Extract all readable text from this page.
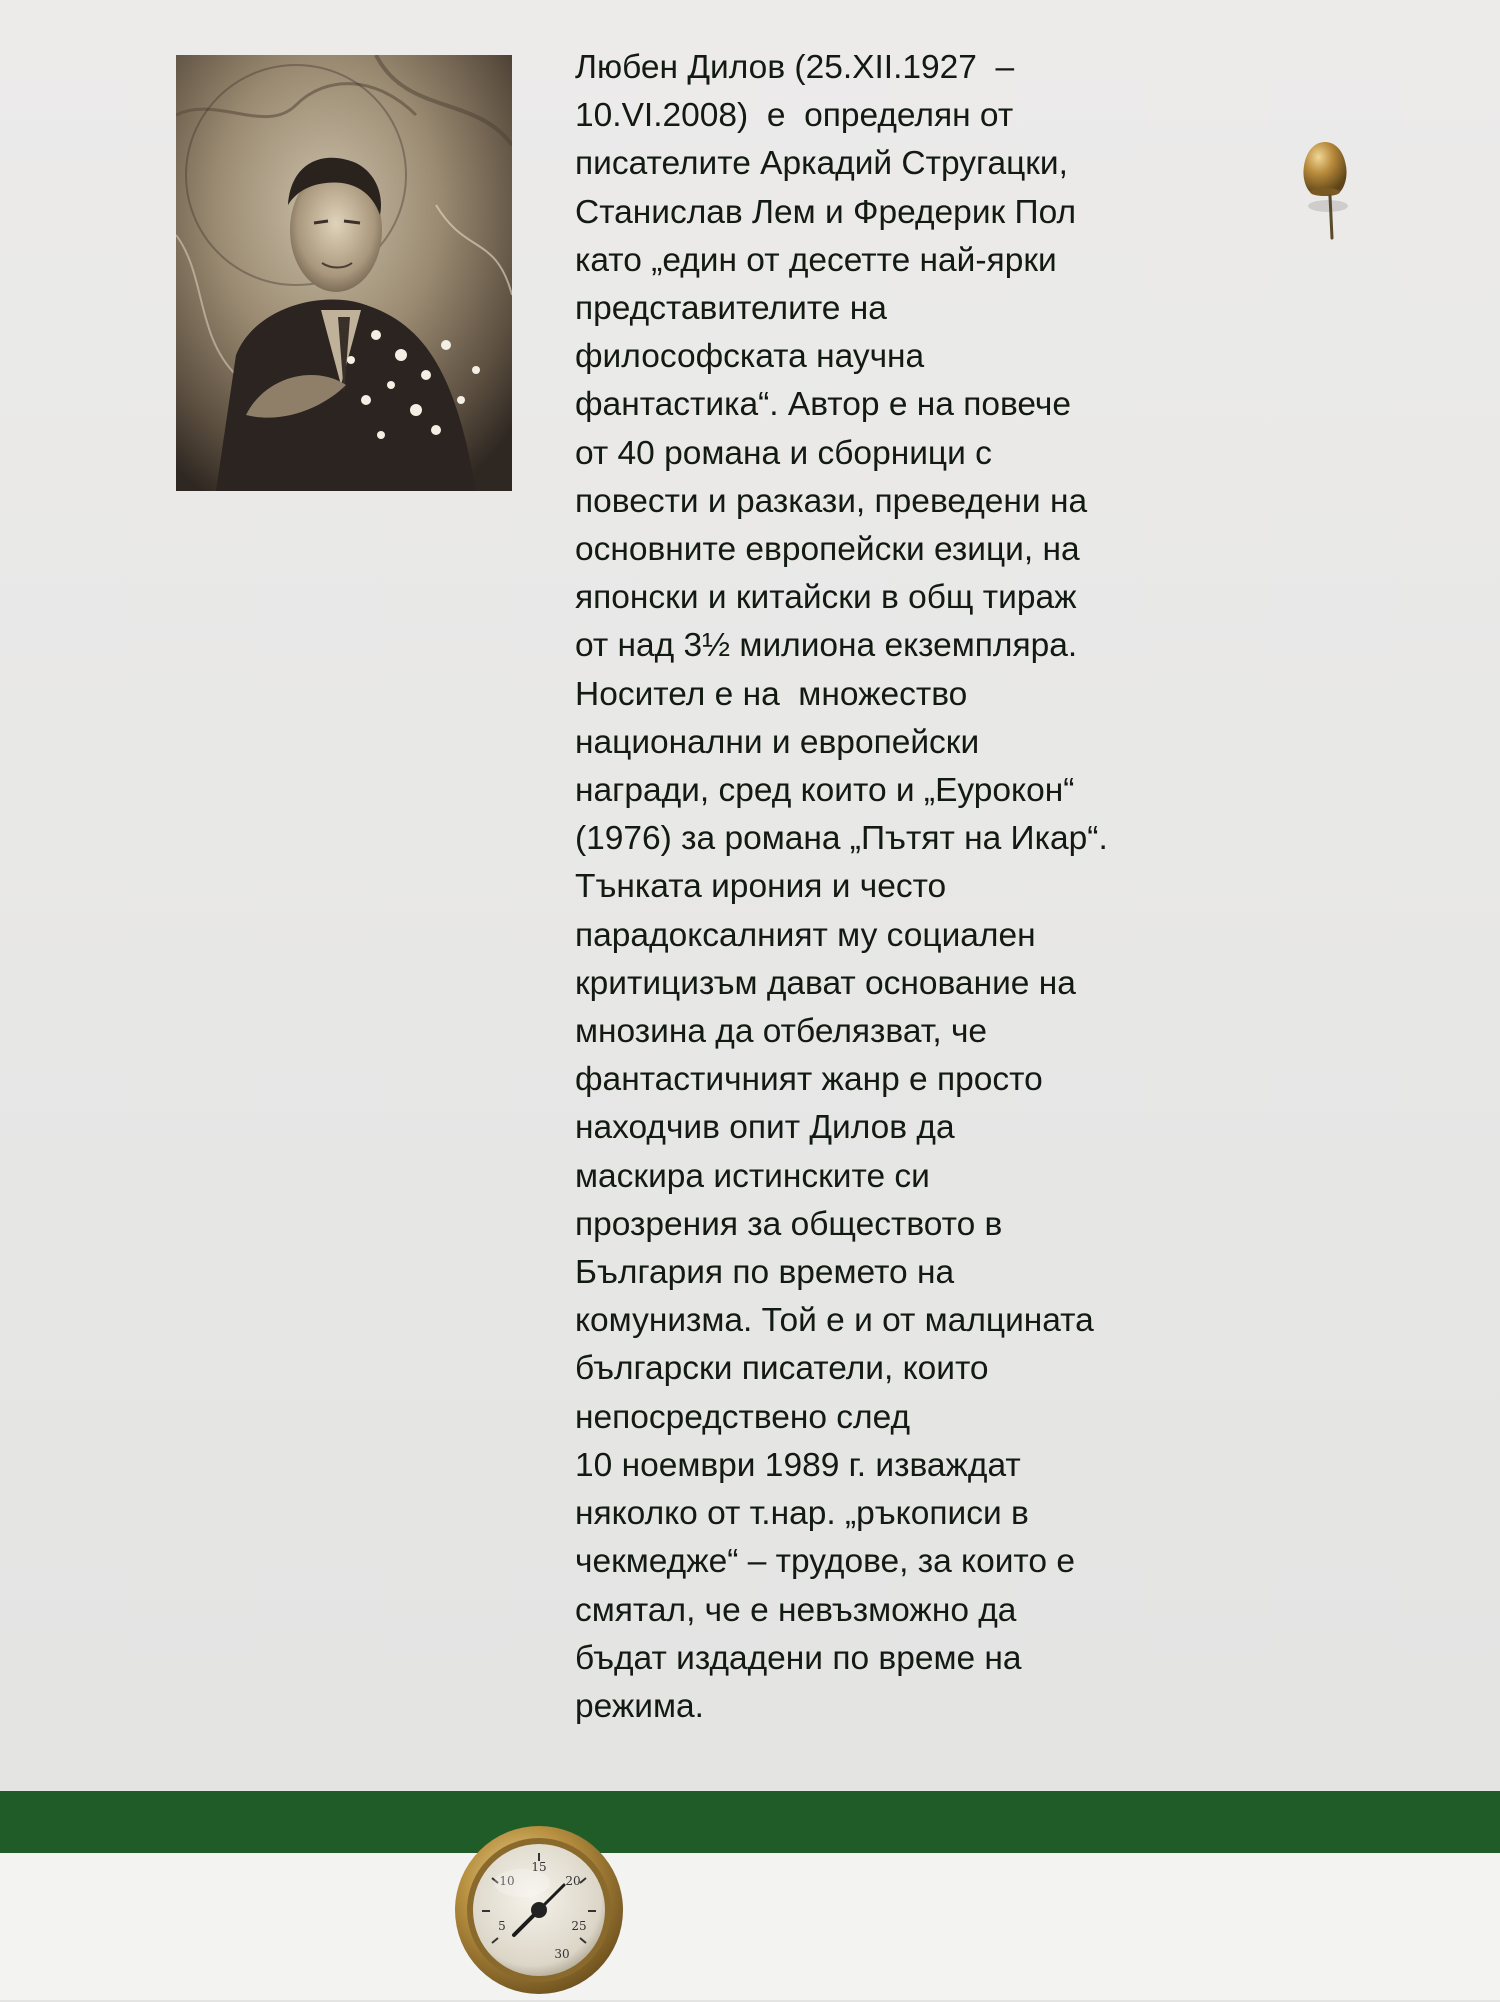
Любен Дилов (25.XII.1927  –
10.VI.2008)  е  определян от
писателите Аркадий Стругацки,
Станислав Лем и Фредерик Пол
като „един от десетте най-ярки
представителите на
философската научна
фантастика“. Автор е на повече
от 40 романа и сборници с
повести и разкази, преведени на
основните европейски езици, на
японски и китайски в общ тираж
от над 3½ милиона екземпляра.
Носител е на  множество
национални и европейски
награди, сред които и „Еурокон“
(1976) за романа „Пътят на Икар“.
Тънката ирония и често
парадоксалният му социален
критицизъм дават основание на
мнозина да отбелязват, че
фантастичният жанр е просто
находчив опит Дилов да
маскира истинските си
прозрения за обществото в
България по времето на
комунизма. Той е и от малцината
български писатели, които
непосредствено след
10 ноември 1989 г. изваждат
няколко от т.нар. „ръкописи в
чекмедже“ – трудове, за които е
смятал, че е невъзможно да
бъдат издадени по време на
режима.
5
10
15
20
25
30
